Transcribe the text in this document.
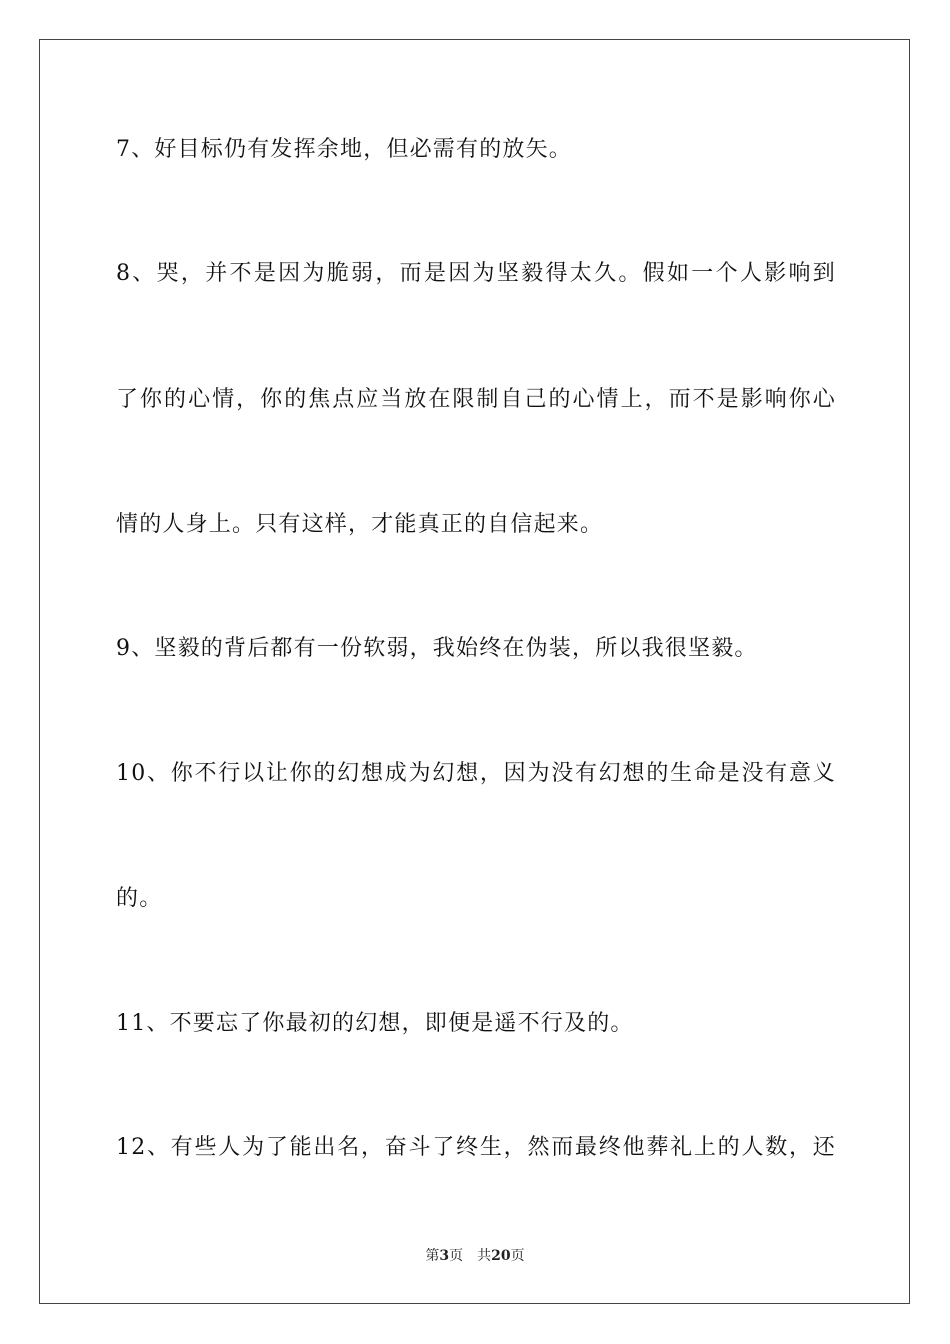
7、好目标仍有发挥余地，但必需有的放矢。
8、哭，并不是因为脆弱，而是因为坚毅得太久。假如一个人影响到
了你的心情，你的焦点应当放在限制自己的心情上，而不是影响你心
情的人身上。只有这样，才能真正的自信起来。
9、坚毅的背后都有一份软弱，我始终在伪装，所以我很坚毅。
10、你不行以让你的幻想成为幻想，因为没有幻想的生命是没有意义
的。
11、不要忘了你最初的幻想，即便是遥不行及的。
12、有些人为了能出名，奋斗了终生，然而最终他葬礼上的人数，还
第3页 共20页
